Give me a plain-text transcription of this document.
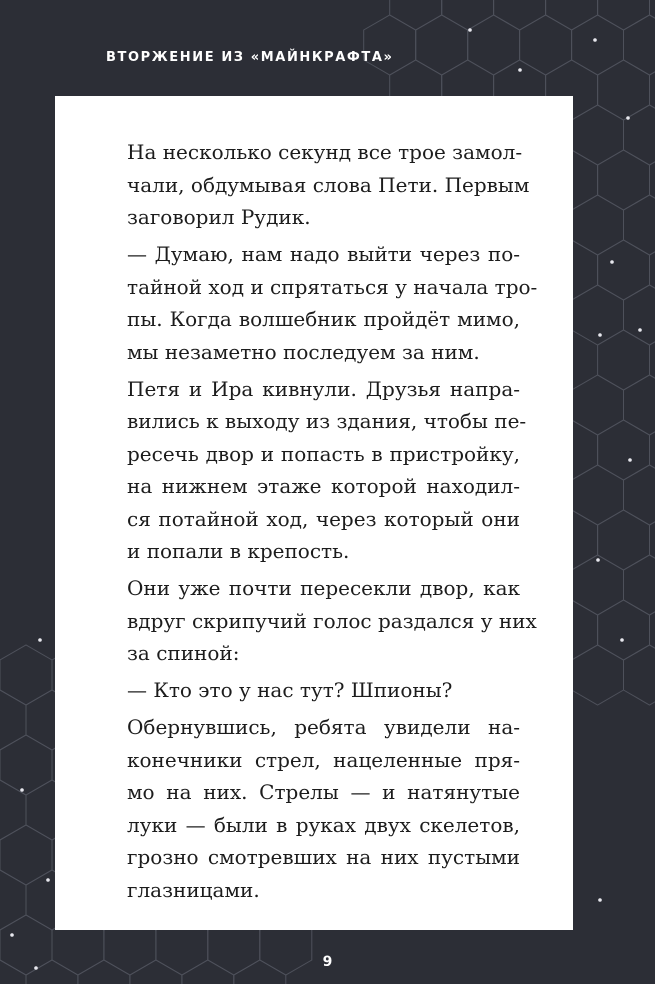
ВТОРЖЕНИЕ ИЗ «МАЙНКРАФТА»
На несколько секунд все трое замол-
чали, обдумывая слова Пети. Первым
заговорил Рудик.
— Думаю, нам надо выйти через по-
тайной ход и спрятаться у начала тро-
пы. Когда волшебник пройдёт мимо,
мы незаметно последуем за ним.
Петя и Ира кивнули. Друзья напра-
вились к выходу из здания, чтобы пе-
ресечь двор и попасть в пристройку,
на нижнем этаже которой находил-
ся потайной ход, через который они
и попали в крепость.
Они уже почти пересекли двор, как
вдруг скрипучий голос раздался у них
за спиной:
— Кто это у нас тут? Шпионы?
Обернувшись, ребята увидели на-
конечники стрел, нацеленные пря-
мо на них. Стрелы — и натянутые
луки — были в руках двух скелетов,
грозно смотревших на них пустыми
глазницами.
9
